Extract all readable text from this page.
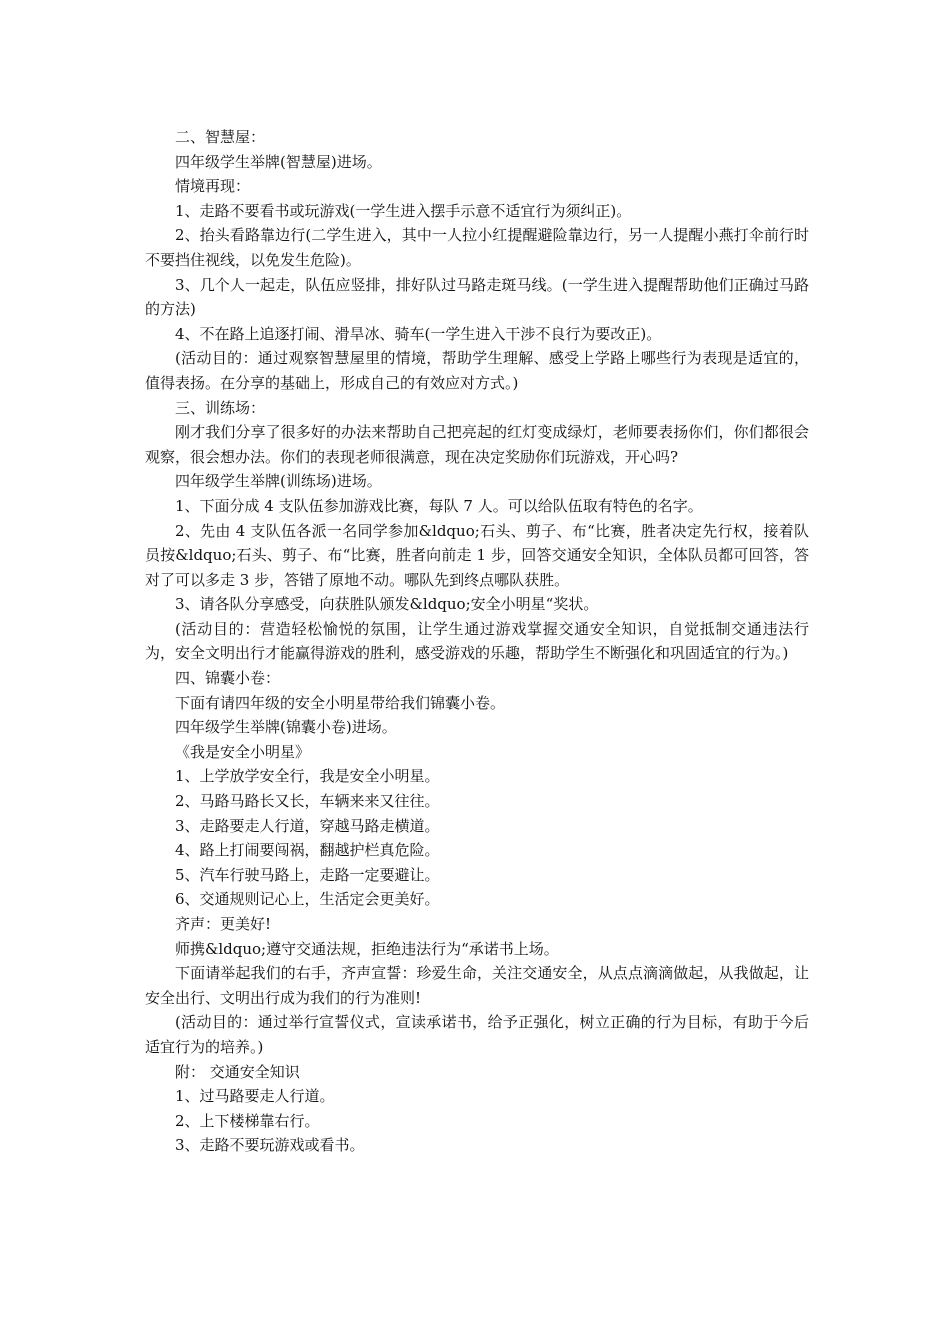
二、智慧屋：

四年级学生举牌(智慧屋)进场。

情境再现：

1、走路不要看书或玩游戏(一学生进入摆手示意不适宜行为须纠正)。

2、抬头看路靠边行(二学生进入，其中一人拉小红提醒避险靠边行，另一人提醒小燕打伞前行时不要挡住视线，以免发生危险)。

3、几个人一起走，队伍应竖排，排好队过马路走斑马线。(一学生进入提醒帮助他们正确过马路的方法)

4、不在路上追逐打闹、滑旱冰、骑车(一学生进入干涉不良行为要改正)。

(活动目的：通过观察智慧屋里的情境，帮助学生理解、感受上学路上哪些行为表现是适宜的，值得表扬。在分享的基础上，形成自己的有效应对方式。)

三、训练场：

刚才我们分享了很多好的办法来帮助自己把亮起的红灯变成绿灯，老师要表扬你们，你们都很会观察，很会想办法。你们的表现老师很满意，现在决定奖励你们玩游戏，开心吗?

四年级学生举牌(训练场)进场。

1、下面分成 4 支队伍参加游戏比赛，每队 7 人。可以给队伍取有特色的名字。

2、先由 4 支队伍各派一名同学参加&ldquo;石头、剪子、布“比赛，胜者决定先行权，接着队员按&ldquo;石头、剪子、布“比赛，胜者向前走 1 步，回答交通安全知识，全体队员都可回答，答对了可以多走 3 步，答错了原地不动。哪队先到终点哪队获胜。

3、请各队分享感受，向获胜队颁发&ldquo;安全小明星“奖状。

(活动目的：营造轻松愉悦的氛围，让学生通过游戏掌握交通安全知识，自觉抵制交通违法行为，安全文明出行才能赢得游戏的胜利，感受游戏的乐趣，帮助学生不断强化和巩固适宜的行为。)

四、锦囊小卷：

下面有请四年级的安全小明星带给我们锦囊小卷。

四年级学生举牌(锦囊小卷)进场。

《我是安全小明星》

1、上学放学安全行，我是安全小明星。

2、马路马路长又长，车辆来来又往往。

3、走路要走人行道，穿越马路走横道。

4、路上打闹要闯祸，翻越护栏真危险。

5、汽车行驶马路上，走路一定要避让。

6、交通规则记心上，生活定会更美好。

齐声：更美好!

师携&ldquo;遵守交通法规，拒绝违法行为“承诺书上场。

下面请举起我们的右手，齐声宣誓：珍爱生命，关注交通安全，从点点滴滴做起，从我做起，让安全出行、文明出行成为我们的行为准则!

(活动目的：通过举行宣誓仪式，宣读承诺书，给予正强化，树立正确的行为目标，有助于今后适宜行为的培养。)

附： 交通安全知识

1、过马路要走人行道。

2、上下楼梯靠右行。

3、走路不要玩游戏或看书。
